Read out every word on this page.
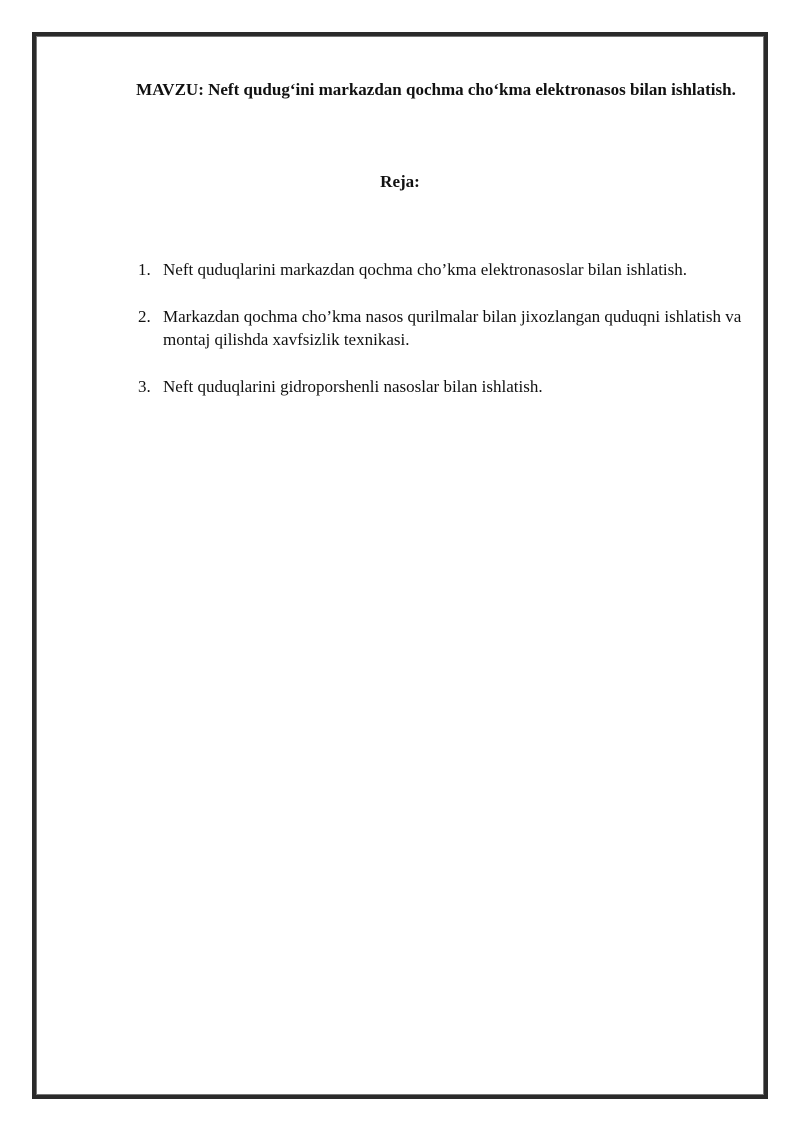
MAVZU: Neft qudug‘ini markazdan qochma cho‘kma elektronasos bilan ishlatish.
Reja:
1. Neft quduqlarini markazdan qochma cho’kma elektronasoslar bilan ishlatish.
2. Markazdan qochma cho’kma nasos qurilmalar bilan jixozlangan quduqni ishlatish va montaj qilishda xavfsizlik texnikasi.
3. Neft quduqlarini gidroporshenli nasoslar bilan ishlatish.
